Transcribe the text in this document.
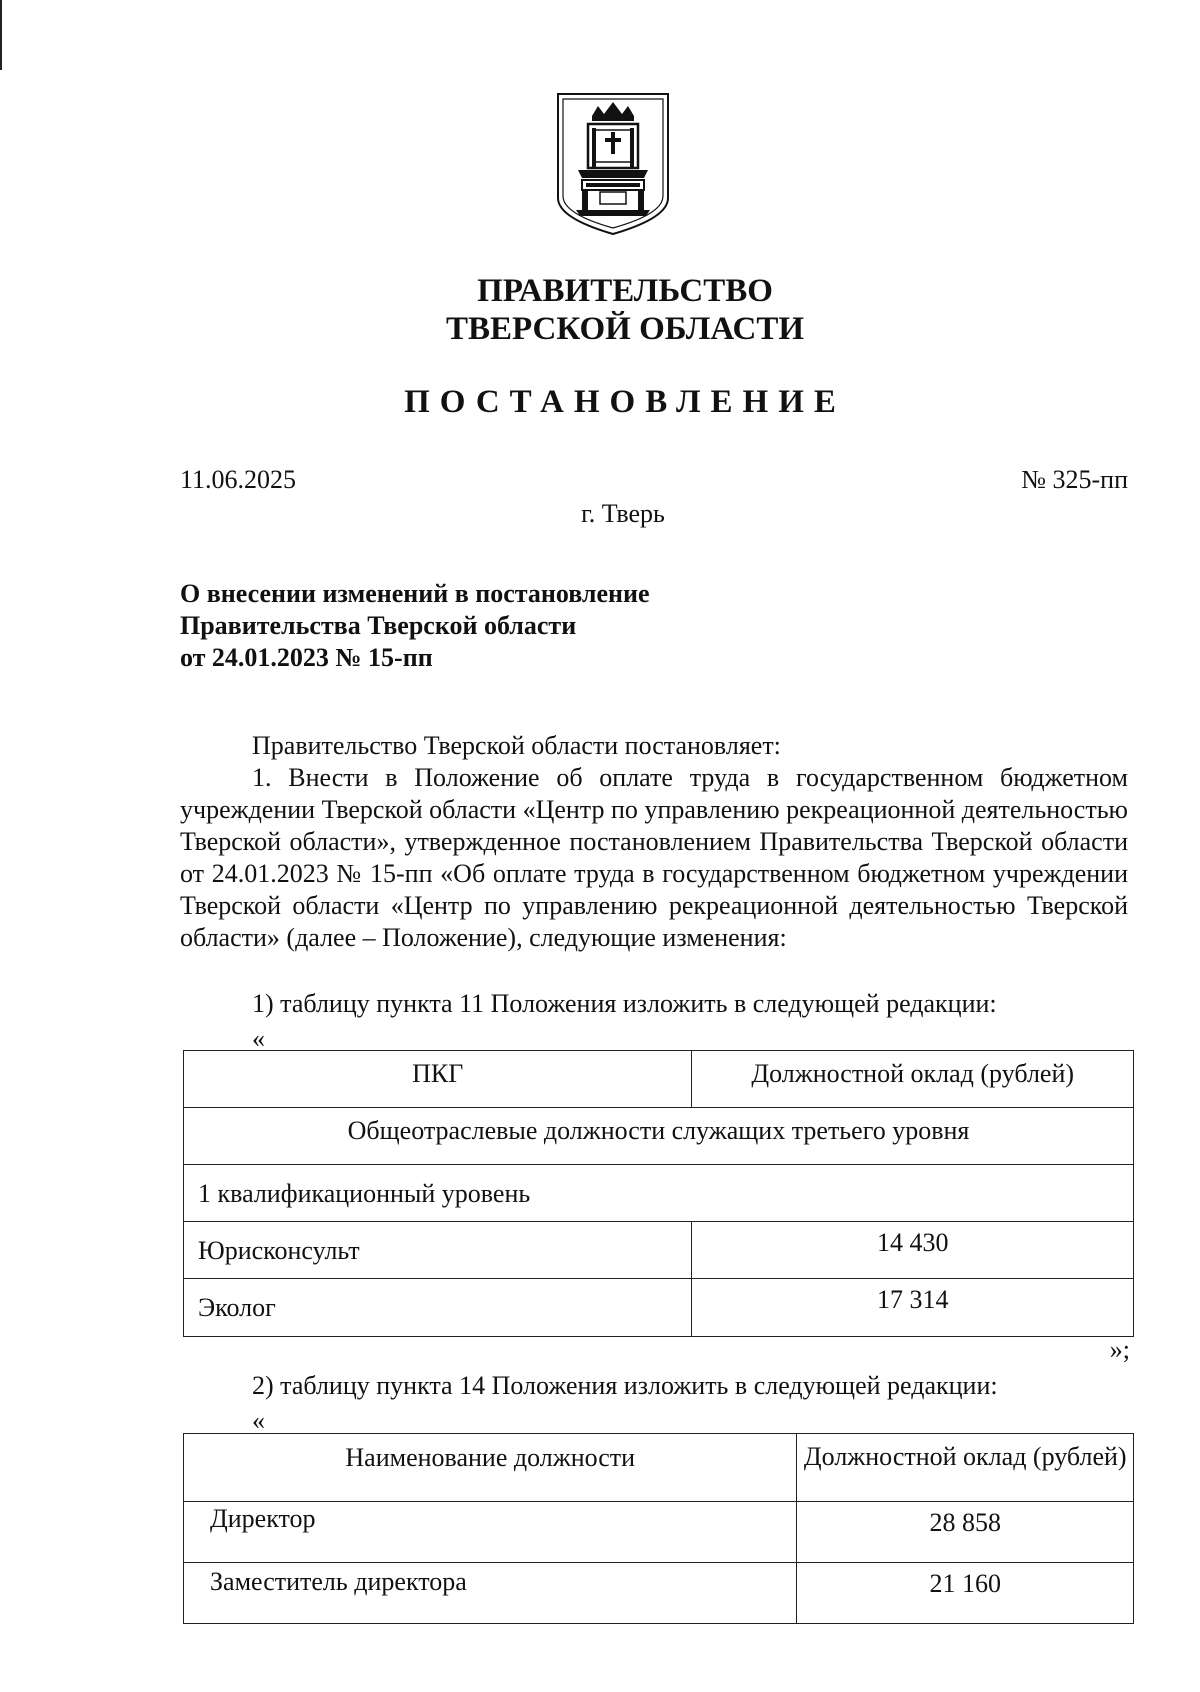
ПРАВИТЕЛЬСТВО
ТВЕРСКОЙ ОБЛАСТИ
ПОСТАНОВЛЕНИЕ
11.06.2025	№ 325-пп
г. Тверь
О внесении изменений в постановление
Правительства Тверской области
от 24.01.2023 № 15-пп
Правительство Тверской области постановляет:
1. Внести в Положение об оплате труда в государственном бюджетном учреждении Тверской области «Центр по управлению рекреационной деятельностью Тверской области», утвержденное постановлением Правительства Тверской области от 24.01.2023 № 15-пп «Об оплате труда в государственном бюджетном учреждении Тверской области «Центр по управлению рекреационной деятельностью Тверской области» (далее – Положение), следующие изменения:
1) таблицу пункта 11 Положения изложить в следующей редакции:
«
ПКГ	Должностной оклад (рублей)
Общеотраслевые должности служащих третьего уровня	
1 квалификационный уровень	
Юрисконсульт	14 430
Эколог	17 314
»;
2) таблицу пункта 14 Положения изложить в следующей редакции:
«
Наименование должности	Должностной оклад (рублей)
Директор	28 858
Заместитель директора	21 160
